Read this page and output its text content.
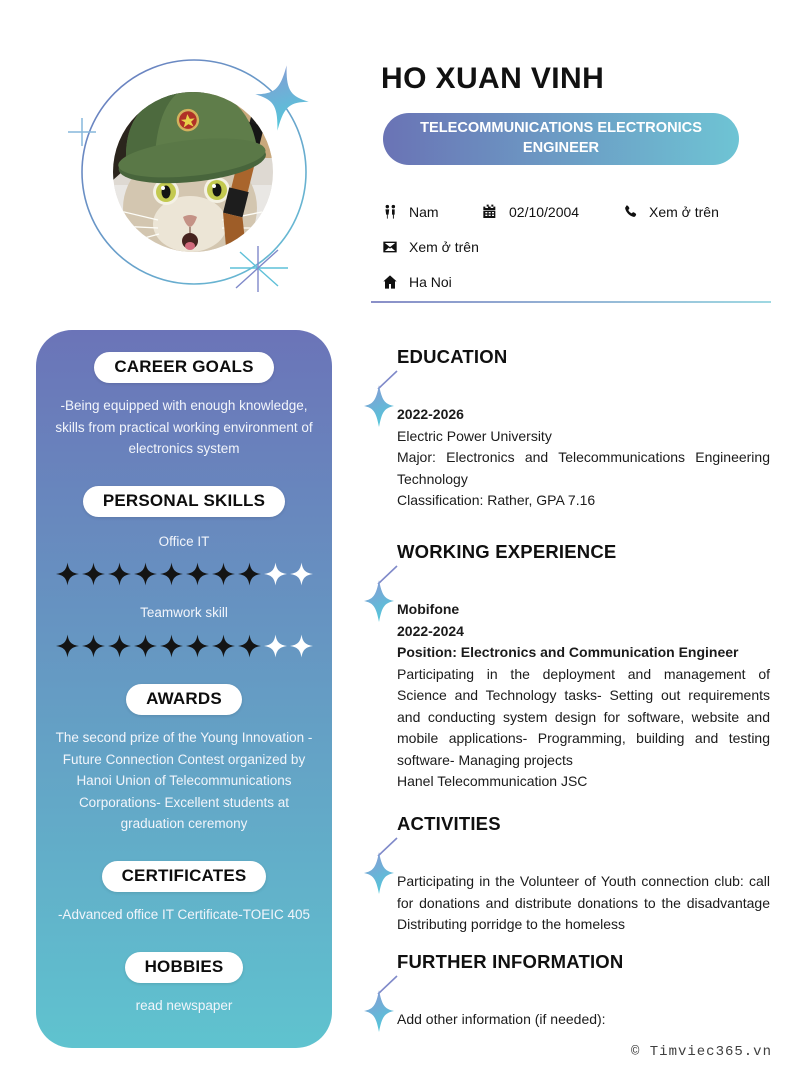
HO XUAN VINH
TELECOMMUNICATIONS ELECTRONICS ENGINEER
Nam	02/10/2004	Xem ở trên
Xem ở trên
Ha Noi
CAREER GOALS
-Being equipped with enough knowledge, skills from practical working environment of electronics system
PERSONAL SKILLS
Office IT
Teamwork skill
AWARDS
The second prize of the Young Innovation - Future Connection Contest organized by Hanoi Union of Telecommunications Corporations- Excellent students at graduation ceremony
CERTIFICATES
-Advanced office IT Certificate-TOEIC 405
HOBBIES
read newspaper
EDUCATION
2022-2026
Electric Power University

Major: Electronics and Telecommunications Engineering Technology

Classification: Rather, GPA 7.16
WORKING EXPERIENCE
Mobifone
2022-2024
Position: Electronics and Communication Engineer

Participating in the deployment and management of Science and Technology tasks- Setting out requirements and conducting system design for software, website and mobile applications- Programming, building and testing software- Managing projects

Hanel Telecommunication JSC
ACTIVITIES

Participating in the Volunteer of Youth connection club: call for donations and distribute donations to the disadvantage Distributing porridge to the homeless

FURTHER INFORMATION
Add other information (if needed):
© Timviec365.vn
